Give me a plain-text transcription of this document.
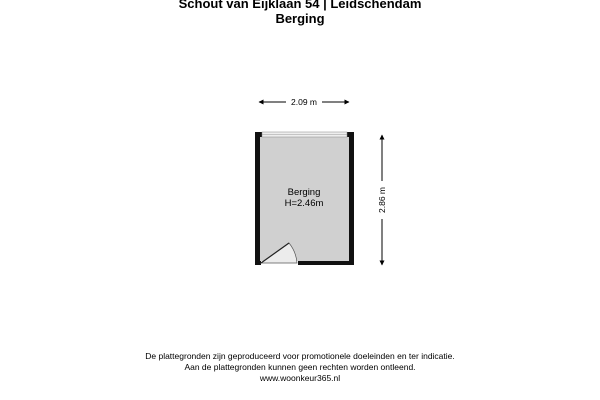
Schout van Eijklaan 54 | Leidschendam
Berging
2.09 m
2.86 m
Berging
H=2.46m
De plattegronden zijn geproduceerd voor promotionele doeleinden en ter indicatie.
Aan de plattegronden kunnen geen rechten worden ontleend.
www.woonkeur365.nl
